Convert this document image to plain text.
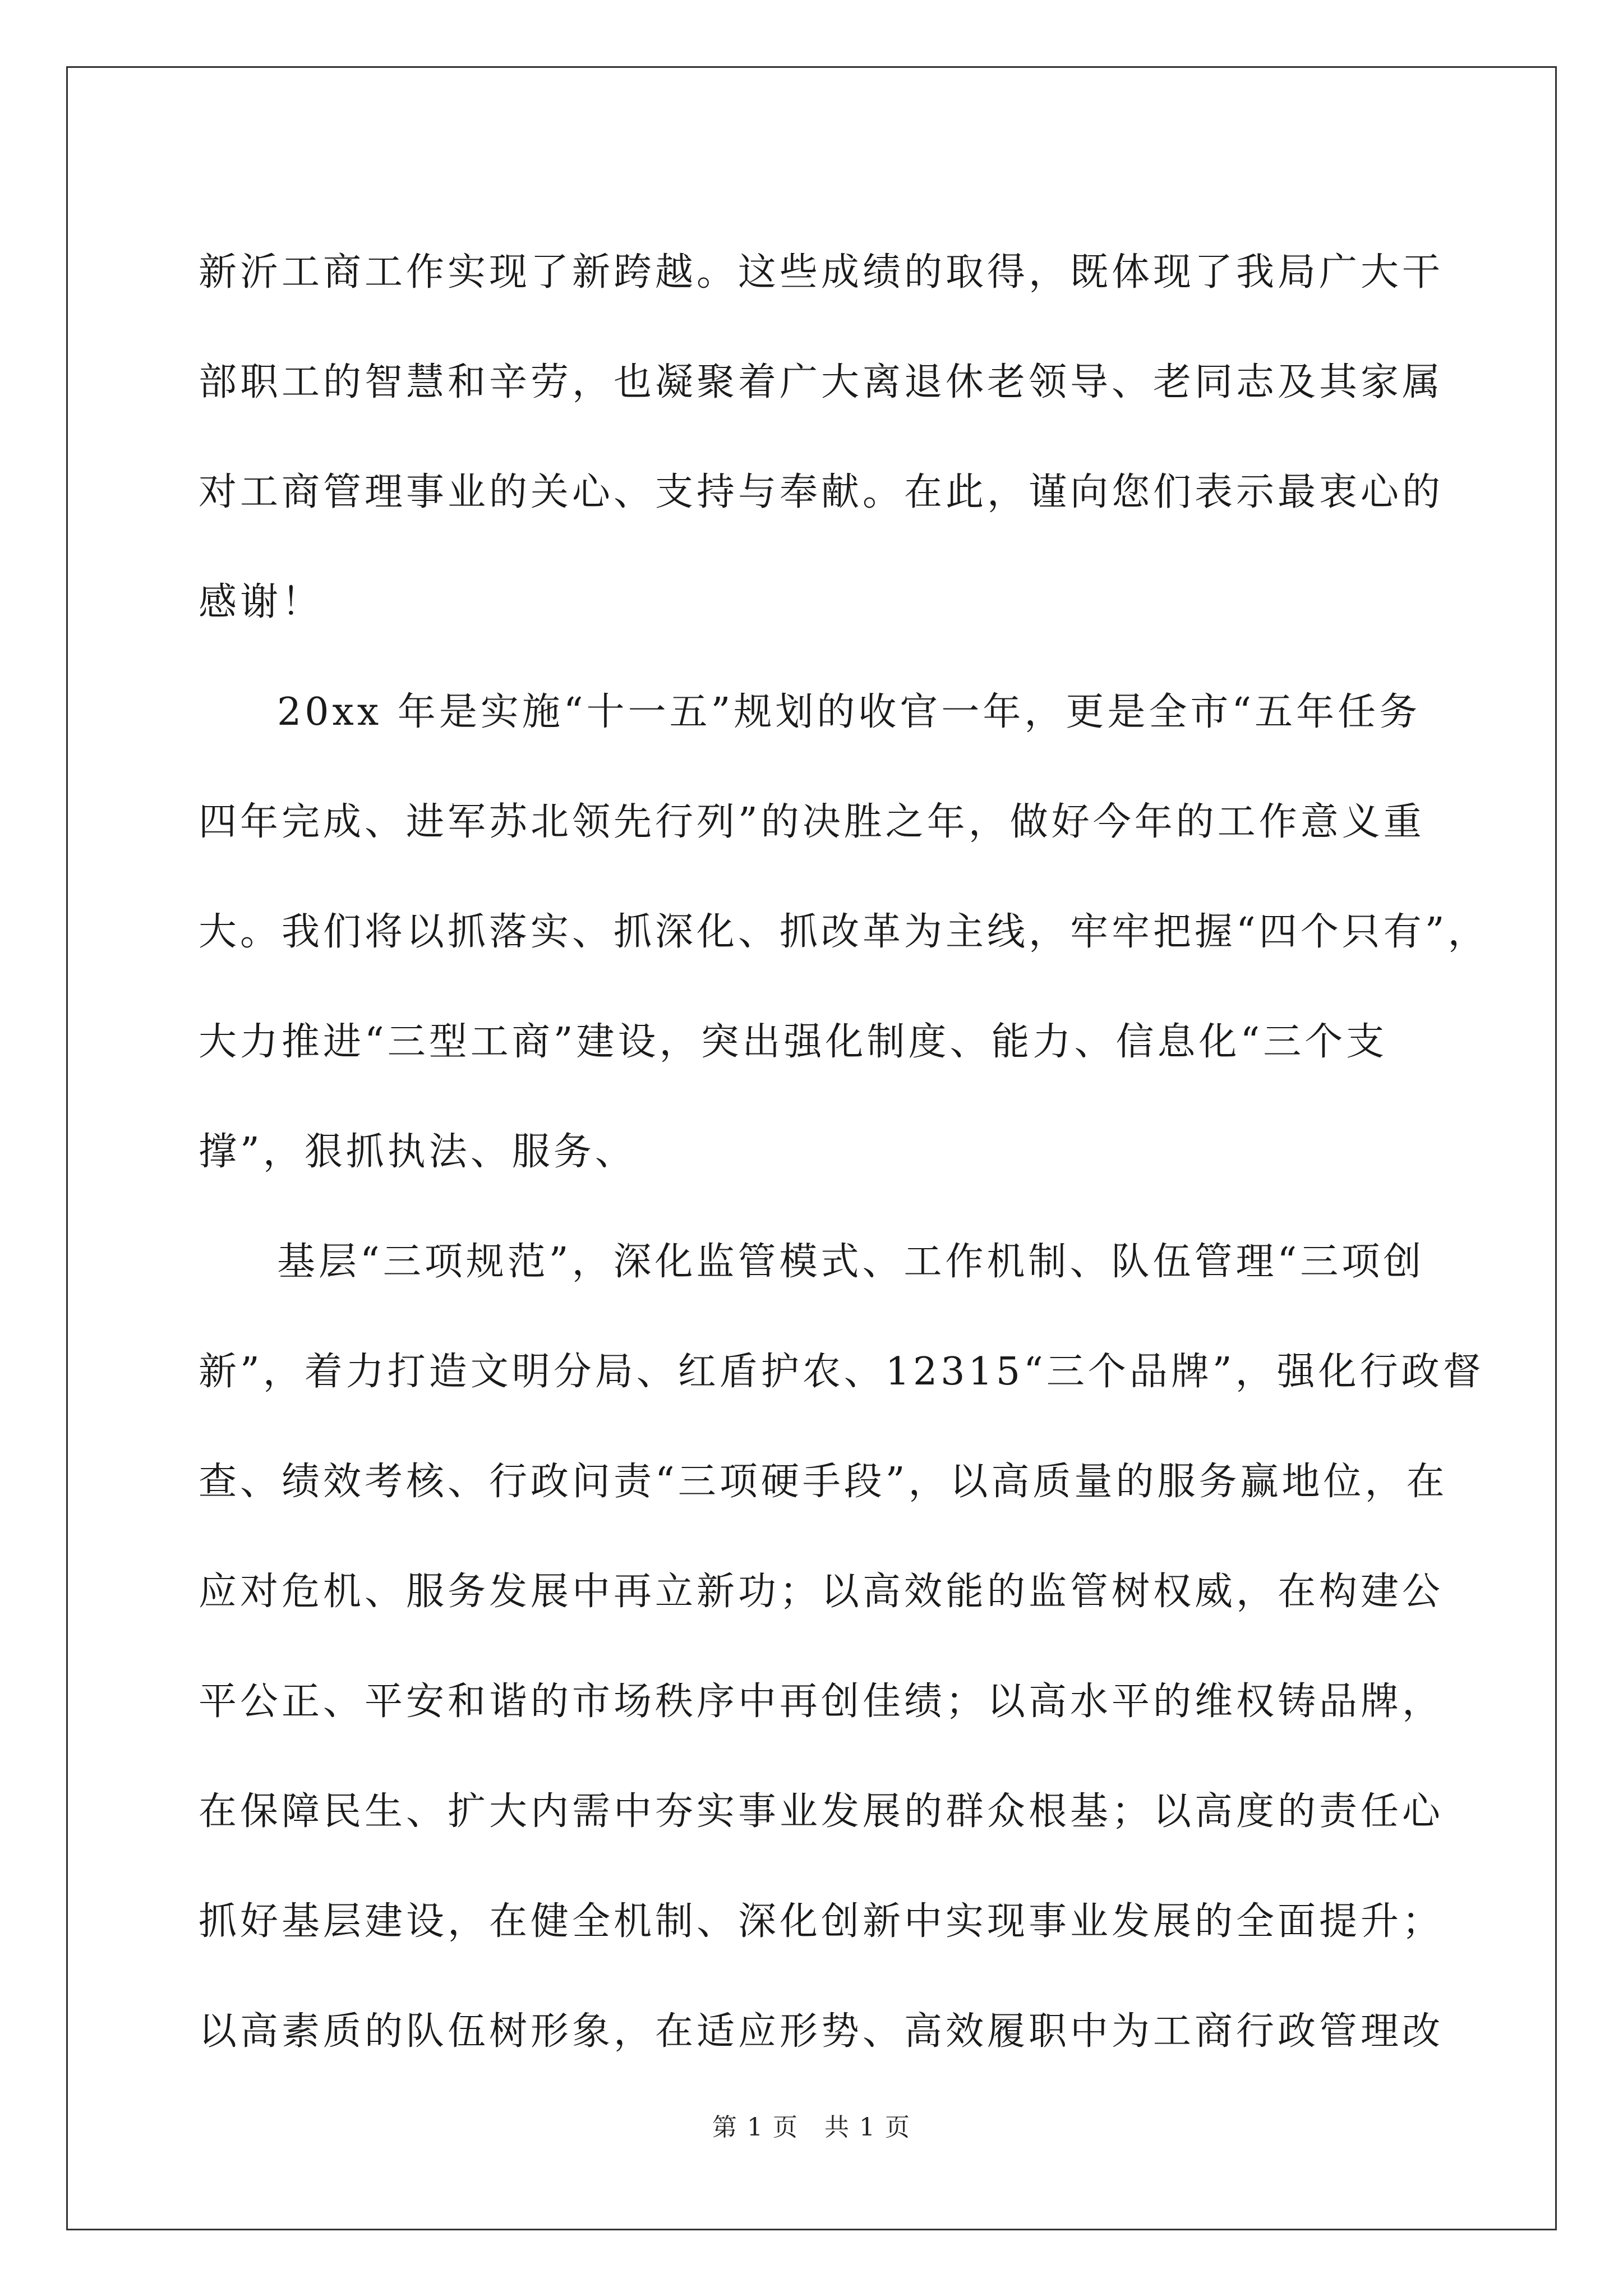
新沂工商工作实现了新跨越。这些成绩的取得，既体现了我局广大干

部职工的智慧和辛劳，也凝聚着广大离退休老领导、老同志及其家属

对工商管理事业的关心、支持与奉献。在此，谨向您们表示最衷心的

感谢！

20xx 年是实施“十一五”规划的收官一年，更是全市“五年任务

四年完成、进军苏北领先行列”的决胜之年，做好今年的工作意义重

大。我们将以抓落实、抓深化、抓改革为主线，牢牢把握“四个只有”，

大力推进“三型工商”建设，突出强化制度、能力、信息化“三个支

撑”，狠抓执法、服务、

基层“三项规范”，深化监管模式、工作机制、队伍管理“三项创

新”，着力打造文明分局、红盾护农、12315“三个品牌”，强化行政督

查、绩效考核、行政问责“三项硬手段”，以高质量的服务赢地位，在

应对危机、服务发展中再立新功；以高效能的监管树权威，在构建公

平公正、平安和谐的市场秩序中再创佳绩；以高水平的维权铸品牌，

在保障民生、扩大内需中夯实事业发展的群众根基；以高度的责任心

抓好基层建设，在健全机制、深化创新中实现事业发展的全面提升；

以高素质的队伍树形象，在适应形势、高效履职中为工商行政管理改

第 1 页　共 1 页
